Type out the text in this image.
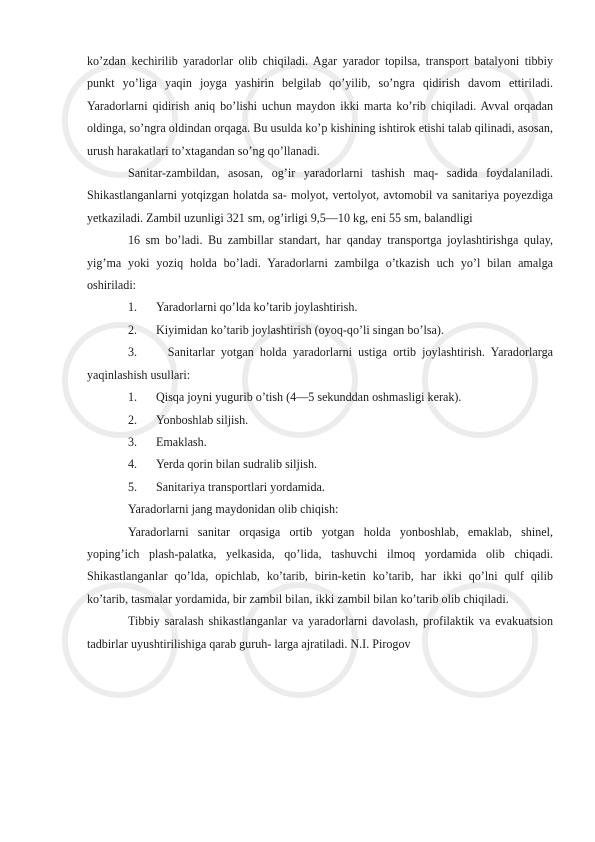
ko’zdan kechirilib yaradorlar olib chiqiladi. Agar yarador topilsa, transport batalyoni tibbiy punkt yo’liga yaqin joyga yashirin belgilab qo’yilib, so’ngra qidirish davom ettiriladi. Yaradorlarni qidirish aniq bo’lishi uchun maydon ikki marta ko’rib chiqiladi. Avval orqadan oldinga, so’ngra oldindan orqaga. Bu usulda ko’p kishining ishtirok etishi talab qilinadi, asosan, urush harakatlari to’xtagandan so’ng qo’llanadi.

Sanitar-zambildan, asosan, og’ir yaradorlarni tashish maq- sadida foydalaniladi. Shikastlanganlarni yotqizgan holatda sa- molyot, vertolyot, avtomobil va sanitariya poyezdiga yetkaziladi. Zambil uzunligi 321 sm, og’irligi 9,5—10 kg, eni 55 sm, balandligi

16 sm bo’ladi. Bu zambillar standart, har qanday transportga joylashtirishga qulay, yig’ma yoki yoziq holda bo’ladi. Yaradorlarni zambilga o’tkazish uch yo’l bilan amalga oshiriladi:

1.	Yaradorlarni qo’lda ko’tarib joylashtirish.
2.	Kiyimidan ko’tarib joylashtirish (oyoq-qo’li singan bo’lsa).

3.	Sanitarlar yotgan holda yaradorlarni ustiga ortib joylashtirish. Yaradorlarga yaqinlashish usullari:

1.	Qisqa joyni yugurib o’tish (4—5 sekunddan oshmasligi kerak).
2.	Yonboshlab siljish.
3.	Emaklash.
4.	Yerda qorin bilan sudralib siljish.
5.	Sanitariya transportlari yordamida.

Yaradorlarni jang maydonidan olib chiqish:

Yaradorlarni sanitar orqasiga ortib yotgan holda yonboshlab, emaklab, shinel, yoping’ich plash-palatka, yelkasida, qo’lida, tashuvchi ilmoq yordamida olib chiqadi. Shikastlanganlar qo’lda, opichlab, ko’tarib, birin-ketin ko’tarib, har ikki qo’lni qulf qilib ko’tarib, tasmalar yordamida, bir zambil bilan, ikki zambil bilan ko’tarib olib chiqiladi.

Tibbiy saralash shikastlanganlar va yaradorlarni davolash, profilaktik va evakuatsion tadbirlar uyushtirilishiga qarab guruh- larga ajratiladi. N.I. Pirogov
